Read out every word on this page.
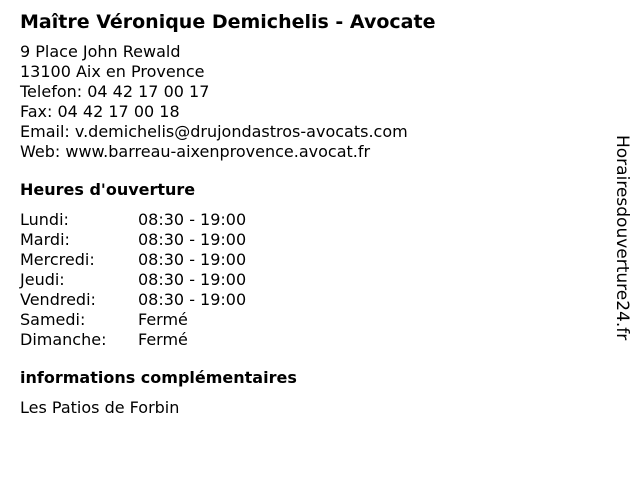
Maître Véronique Demichelis - Avocate
9 Place John Rewald
13100 Aix en Provence
Telefon: 04 42 17 00 17
Fax: 04 42 17 00 18
Email: v.demichelis@drujondastros-avocats.com
Web: www.barreau-aixenprovence.avocat.fr
Heures d'ouverture
Lundi:	08:30 - 19:00
Mardi:	08:30 - 19:00
Mercredi:	08:30 - 19:00
Jeudi:	08:30 - 19:00
Vendredi:	08:30 - 19:00
Samedi:	Fermé
Dimanche:	Fermé
informations complémentaires
Les Patios de Forbin
Horairesdouverture24.fr
